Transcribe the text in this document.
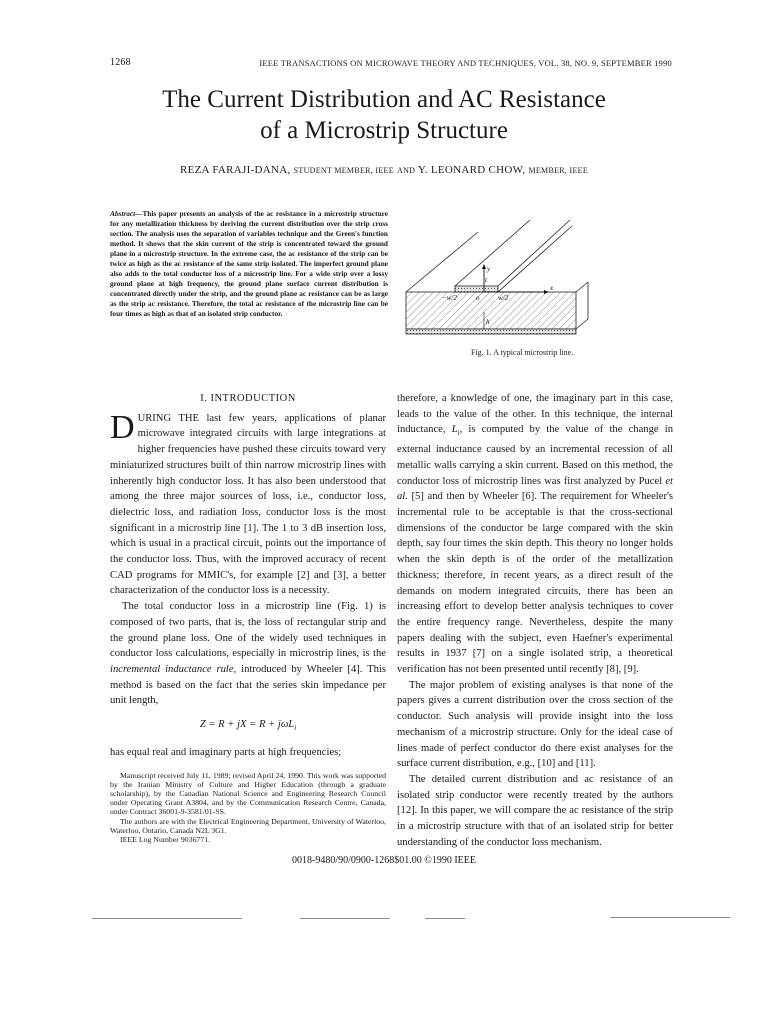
1268	IEEE TRANSACTIONS ON MICROWAVE THEORY AND TECHNIQUES, VOL. 38, NO. 9, SEPTEMBER 1990
The Current Distribution and AC Resistance
of a Microstrip Structure
REZA FARAJI-DANA, STUDENT MEMBER, IEEE AND Y. LEONARD CHOW, MEMBER, IEEE
Abstract—This paper presents an analysis of the ac resistance in a microstrip structure for any metallization thickness by deriving the current distribution over the strip cross section. The analysis uses the separation of variables technique and the Green's function method. It shows that the skin current of the strip is concentrated toward the ground plane in a microstrip structure. In the extreme case, the ac resistance of the strip can be twice as high as the ac resistance of the same strip isolated. The imperfect ground plane also adds to the total conductor loss of a microstrip line. For a wide strip over a lossy ground plane at high frequency, the ground plane surface current distribution is concentrated directly under the strip, and the ground plane ac resistance can be as large as the strip ac resistance. Therefore, the total ac resistance of the microstrip line can be four times as high as that of an isolated strip conductor.
y
x
t
h
o
−w/2	w/2
Fig. 1. A typical microstrip line.
I. INTRODUCTION

DURING THE last few years, applications of planar microwave integrated circuits with large integrations at higher frequencies have pushed these circuits toward very miniaturized structures built of thin narrow microstrip lines with inherently high conductor loss. It has also been understood that among the three major sources of loss, i.e., conductor loss, dielectric loss, and radiation loss, conductor loss is the most significant in a microstrip line [1]. The 1 to 3 dB insertion loss, which is usual in a practical circuit, points out the importance of the conductor loss. Thus, with the improved accuracy of recent CAD programs for MMIC's, for example [2] and [3], a better characterization of the conductor loss is a necessity.

The total conductor loss in a microstrip line (Fig. 1) is composed of two parts, that is, the loss of rectangular strip and the ground plane loss. One of the widely used techniques in conductor loss calculations, especially in microstrip lines, is the incremental inductance rule, introduced by Wheeler [4]. This method is based on the fact that the series skin impedance per unit length,

Z = R + jX = R + jωL$_i$

has equal real and imaginary parts at high frequencies;

Manuscript received July 11, 1989; revised April 24, 1990. This work was supported by the Iranian Ministry of Culture and Higher Education (through a graduate scholarship), by the Canadian National Science and Engineering Research Council under Operating Grant A3804, and by the Communication Research Centre, Canada, under Contract 36001-9-3581/01-SS.

The authors are with the Electrical Engineering Department, University of Waterloo, Waterloo, Ontario, Canada N2L 3G1.

IEEE Log Number 9036771.

therefore, a knowledge of one, the imaginary part in this case, leads to the value of the other. In this technique, the internal inductance, $L_i$, is computed by the value of the change in external inductance caused by an incremental recession of all metallic walls carrying a skin current. Based on this method, the conductor loss of microstrip lines was first analyzed by Pucel et al. [5] and then by Wheeler [6]. The requirement for Wheeler's incremental rule to be acceptable is that the cross-sectional dimensions of the conductor be large compared with the skin depth, say four times the skin depth. This theory no longer holds when the skin depth is of the order of the metallization thickness; therefore, in recent years, as a direct result of the demands on modern integrated circuits, there has been an increasing effort to develop better analysis techniques to cover the entire frequency range. Nevertheless, despite the many papers dealing with the subject, even Haefner's experimental results in 1937 [7] on a single isolated strip, a theoretical verification has not been presented until recently [8], [9].

The major problem of existing analyses is that none of the papers gives a current distribution over the cross section of the conductor. Such analysis will provide insight into the loss mechanism of a microstrip structure. Only for the ideal case of lines made of perfect conductor do there exist analyses for the surface current distribution, e.g., [10] and [11].

The detailed current distribution and ac resistance of an isolated strip conductor were recently treated by the authors [12]. In this paper, we will compare the ac resistance of the strip in a microstrip structure with that of an isolated strip for better understanding of the conductor loss mechanism.

0018-9480/90/0900-1268$01.00 ©1990 IEEE
